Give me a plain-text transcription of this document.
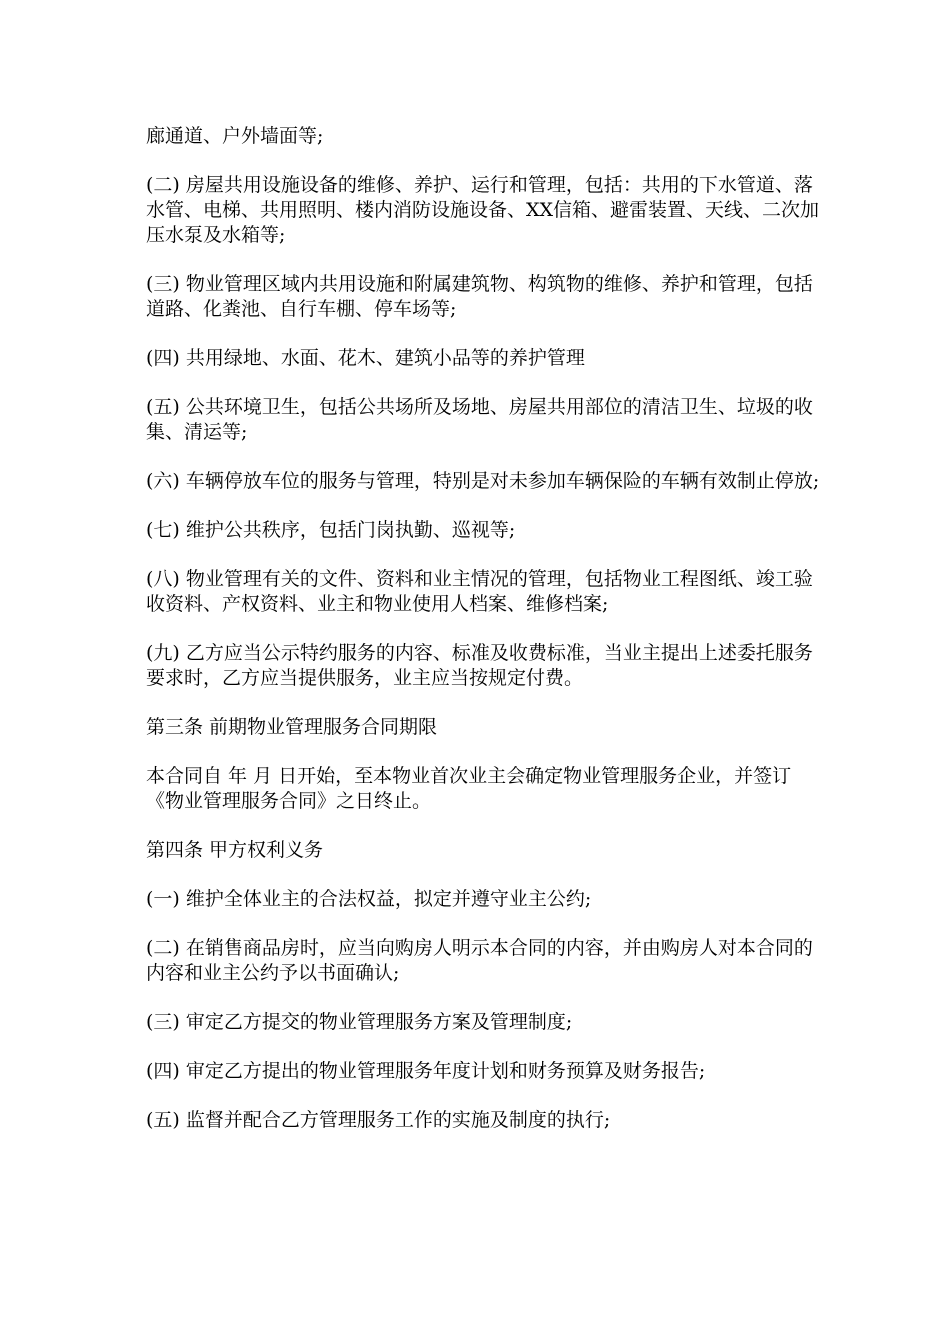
廊通道、户外墙面等;

(二) 房屋共用设施设备的维修、养护、运行和管理，包括：共用的下水管道、落水管、电梯、共用照明、楼内消防设施设备、XX信箱、避雷装置、天线、二次加压水泵及水箱等;

(三) 物业管理区域内共用设施和附属建筑物、构筑物的维修、养护和管理，包括道路、化粪池、自行车棚、停车场等;

(四) 共用绿地、水面、花木、建筑小品等的养护管理

(五) 公共环境卫生，包括公共场所及场地、房屋共用部位的清洁卫生、垃圾的收集、清运等;

(六) 车辆停放车位的服务与管理，特别是对未参加车辆保险的车辆有效制止停放;

(七) 维护公共秩序，包括门岗执勤、巡视等;

(八) 物业管理有关的文件、资料和业主情况的管理，包括物业工程图纸、竣工验收资料、产权资料、业主和物业使用人档案、维修档案;

(九) 乙方应当公示特约服务的内容、标准及收费标准，当业主提出上述委托服务要求时，乙方应当提供服务，业主应当按规定付费。

第三条 前期物业管理服务合同期限

本合同自 年 月 日开始，至本物业首次业主会确定物业管理服务企业，并签订《物业管理服务合同》之日终止。

第四条 甲方权利义务

(一) 维护全体业主的合法权益，拟定并遵守业主公约;

(二) 在销售商品房时，应当向购房人明示本合同的内容，并由购房人对本合同的内容和业主公约予以书面确认;

(三) 审定乙方提交的物业管理服务方案及管理制度;

(四) 审定乙方提出的物业管理服务年度计划和财务预算及财务报告;

(五) 监督并配合乙方管理服务工作的实施及制度的执行;
